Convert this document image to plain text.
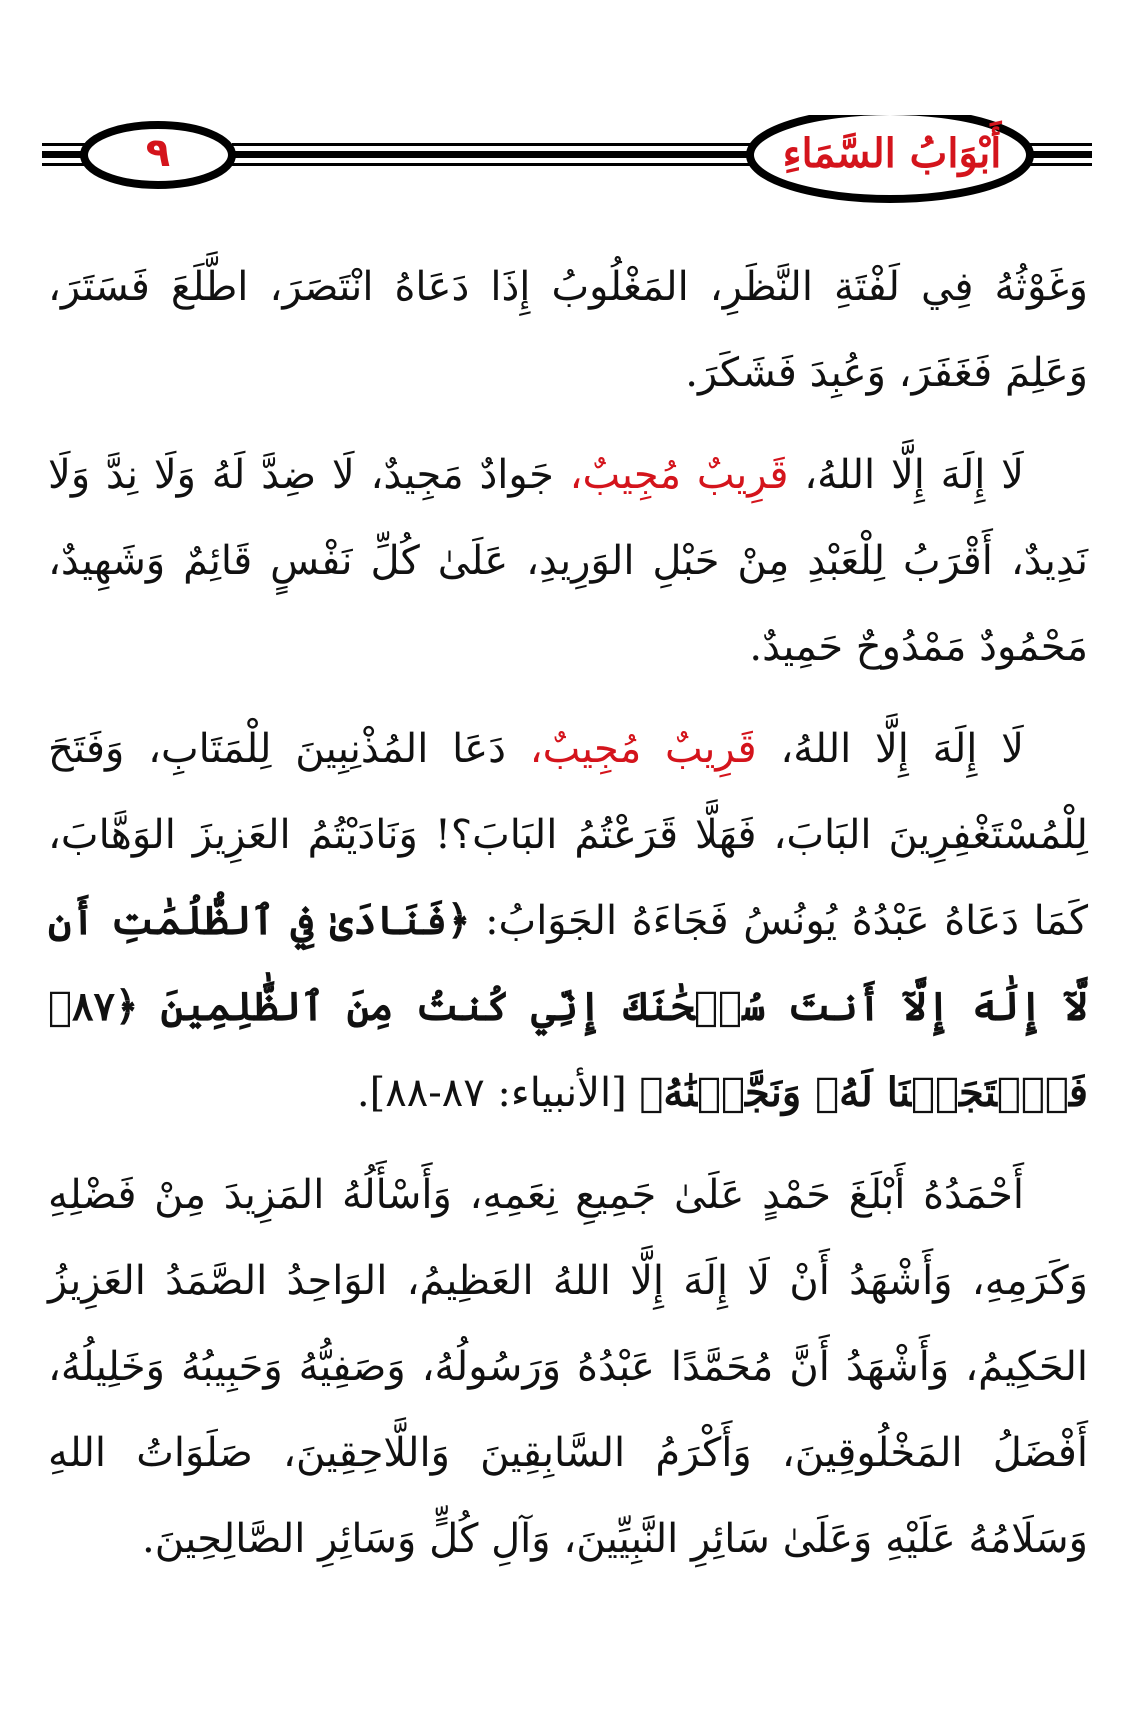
٩	أَبْوَابُ السَّمَاءِ

وَغَوْثُهُ فِي لَفْتَةِ النَّظَرِ، المَغْلُوبُ إِذَا دَعَاهُ انْتَصَرَ، اطَّلَعَ فَسَتَرَ، وَعَلِمَ فَغَفَرَ، وَعُبِدَ فَشَكَرَ.

لَا إِلَهَ إِلَّا اللهُ، قَرِيبٌ مُجِيبٌ، جَوادٌ مَجِيدٌ، لَا ضِدَّ لَهُ وَلَا نِدَّ وَلَا نَدِيدٌ، أَقْرَبُ لِلْعَبْدِ مِنْ حَبْلِ الوَرِيدِ، عَلَىٰ كُلِّ نَفْسٍ قَائِمٌ وَشَهِيدٌ، مَحْمُودٌ مَمْدُوحٌ حَمِيدٌ.

لَا إِلَهَ إِلَّا اللهُ، قَرِيبٌ مُجِيبٌ، دَعَا المُذْنِبِينَ لِلْمَتَابِ، وَفَتَحَ لِلْمُسْتَغْفِرِينَ البَابَ، فَهَلَّا قَرَعْتُمُ البَابَ؟! وَنَادَيْتُمُ العَزِيزَ الوَهَّابَ، كَمَا دَعَاهُ عَبْدُهُ يُونُسُ فَجَاءَهُ الجَوَابُ: ﴿فَنَادَىٰ فِي ٱلظُّلُمَٰتِ أَن لَّآ إِلَٰهَ إِلَّآ أَنتَ سُبۡحَٰنَكَ إِنِّي كُنتُ مِنَ ٱلظَّٰلِمِينَ ﴿٨٧﴾ فَٱسۡتَجَبۡنَا لَهُۥ وَنَجَّيۡنَٰهُ﴾ [الأنبياء: ٨٧-٨٨].

أَحْمَدُهُ أَبْلَغَ حَمْدٍ عَلَىٰ جَمِيعِ نِعَمِهِ، وَأَسْأَلُهُ المَزِيدَ مِنْ فَضْلِهِ وَكَرَمِهِ، وَأَشْهَدُ أَنْ لَا إِلَهَ إِلَّا اللهُ العَظِيمُ، الوَاحِدُ الصَّمَدُ العَزِيزُ الحَكِيمُ، وَأَشْهَدُ أَنَّ مُحَمَّدًا عَبْدُهُ وَرَسُولُهُ، وَصَفِيُّهُ وَحَبِيبُهُ وَخَلِيلُهُ، أَفْضَلُ المَخْلُوقِينَ، وَأَكْرَمُ السَّابِقِينَ وَاللَّاحِقِينَ، صَلَوَاتُ اللهِ وَسَلَامُهُ عَلَيْهِ وَعَلَىٰ سَائِرِ النَّبِيِّينَ، وَآلِ كُلٍّ وَسَائِرِ الصَّالِحِينَ.
